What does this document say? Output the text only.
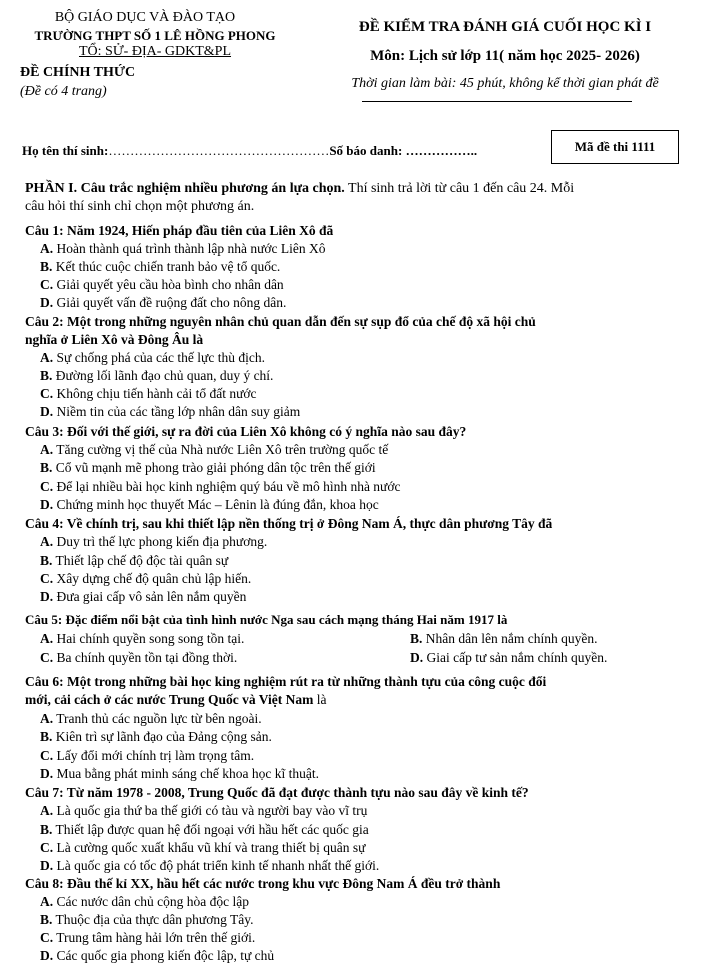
BỘ GIÁO DỤC VÀ ĐÀO TẠO
TRƯỜNG THPT SỐ 1 LÊ HỒNG PHONG
TỔ: SỬ- ĐỊA- GDKT&PL
ĐỀ CHÍNH THỨC
(Đề có 4 trang)
ĐỀ KIỂM TRA ĐÁNH GIÁ CUỐI HỌC KÌ I
Môn: Lịch sử lớp 11( năm học 2025- 2026)
Thời gian làm bài: 45 phút, không kể thời gian phát đề
Họ tên thí sinh:……………………………………………Số báo danh: ……………..	Mã đề thi 1111
PHẦN I. Câu trắc nghiệm nhiều phương án lựa chọn. Thí sinh trả lời từ câu 1 đến câu 24. Mỗi
câu hỏi thí sinh chỉ chọn một phương án.
Câu 1: Năm 1924, Hiến pháp đầu tiên của Liên Xô đã
A. Hoàn thành quá trình thành lập nhà nước Liên Xô
B. Kết thúc cuộc chiến tranh bảo vệ tổ quốc.
C. Giải quyết yêu cầu hòa bình cho nhân dân
D. Giải quyết vấn đề ruộng đất cho nông dân.
Câu 2: Một trong những nguyên nhân chủ quan dẫn đến sự sụp đổ của chế độ xã hội chủ
nghĩa ở Liên Xô và Đông Âu là
A. Sự chống phá của các thế lực thù địch.
B. Đường lối lãnh đạo chủ quan, duy ý chí.
C. Không chịu tiến hành cải tổ đất nước
D. Niềm tin của các tầng lớp nhân dân suy giảm
Câu 3: Đối với thế giới, sự ra đời của Liên Xô không có ý nghĩa nào sau đây?
A. Tăng cường vị thế của Nhà nước Liên Xô trên trường quốc tế
B. Cổ vũ mạnh mẽ phong trào giải phóng dân tộc trên thế giới
C. Để lại nhiều bài học kinh nghiệm quý báu về mô hình nhà nước
D. Chứng minh học thuyết Mác – Lênin là đúng đắn, khoa học
Câu 4: Về chính trị, sau khi thiết lập nền thống trị ở Đông Nam Á, thực dân phương Tây đã
A. Duy trì thế lực phong kiến địa phương.
B. Thiết lập chế độ độc tài quân sự
C. Xây dựng chế độ quân chủ lập hiến.
D. Đưa giai cấp vô sản lên nắm quyền
Câu 5: Đặc điểm nổi bật của tình hình nước Nga sau cách mạng tháng Hai năm 1917 là
A. Hai chính quyền song song tồn tại.	B. Nhân dân lên nắm chính quyền.
C. Ba chính quyền tồn tại đồng thời.	D. Giai cấp tư sản nắm chính quyền.
Câu 6: Một trong những bài học king nghiệm rút ra từ những thành tựu của công cuộc đổi
mới, cải cách ở các nước Trung Quốc và Việt Nam là
A. Tranh thủ các nguồn lực từ bên ngoài.
B. Kiên trì sự lãnh đạo của Đảng cộng sản.
C. Lấy đổi mới chính trị làm trọng tâm.
D. Mua bằng phát minh sáng chế khoa học kĩ thuật.
Câu 7: Từ năm 1978 - 2008, Trung Quốc đã đạt được thành tựu nào sau đây về kinh tế?
A. Là quốc gia thứ ba thế giới có tàu và người bay vào vĩ trụ
B. Thiết lập được quan hệ đối ngoại với hầu hết các quốc gia
C. Là cường quốc xuất khẩu vũ khí và trang thiết bị quân sự
D. Là quốc gia có tốc độ phát triển kinh tế nhanh nhất thế giới.
Câu 8: Đầu thế kỉ XX, hầu hết các nước trong khu vực Đông Nam Á đều trở thành
A. Các nước dân chủ cộng hòa độc lập
B. Thuộc địa của thực dân phương Tây.
C. Trung tâm hàng hải lớn trên thế giới.
D. Các quốc gia phong kiến độc lập, tự chủ
